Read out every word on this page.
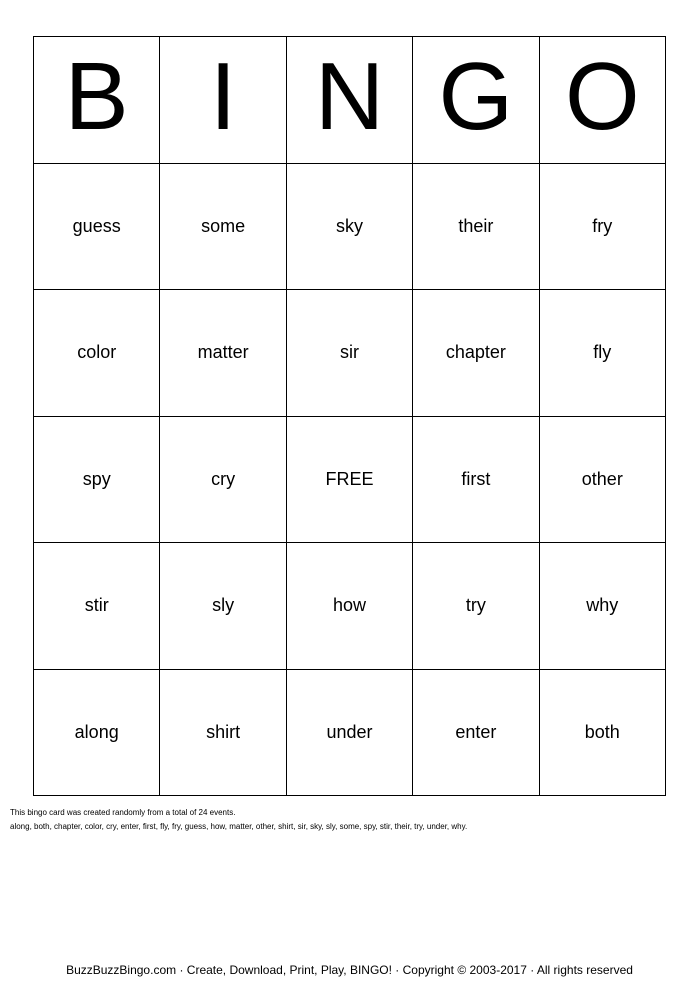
B I N G O
guess	some	sky	their	fry
color	matter	sir	chapter	fly
spy	cry	FREE	first	other
stir	sly	how	try	why
along	shirt	under	enter	both
This bingo card was created randomly from a total of 24 events.
along, both, chapter, color, cry, enter, first, fly, fry, guess, how, matter, other, shirt, sir, sky, sly, some, spy, stir, their, try, under, why.
BuzzBuzzBingo.com · Create, Download, Print, Play, BINGO! · Copyright © 2003-2017 · All rights reserved
